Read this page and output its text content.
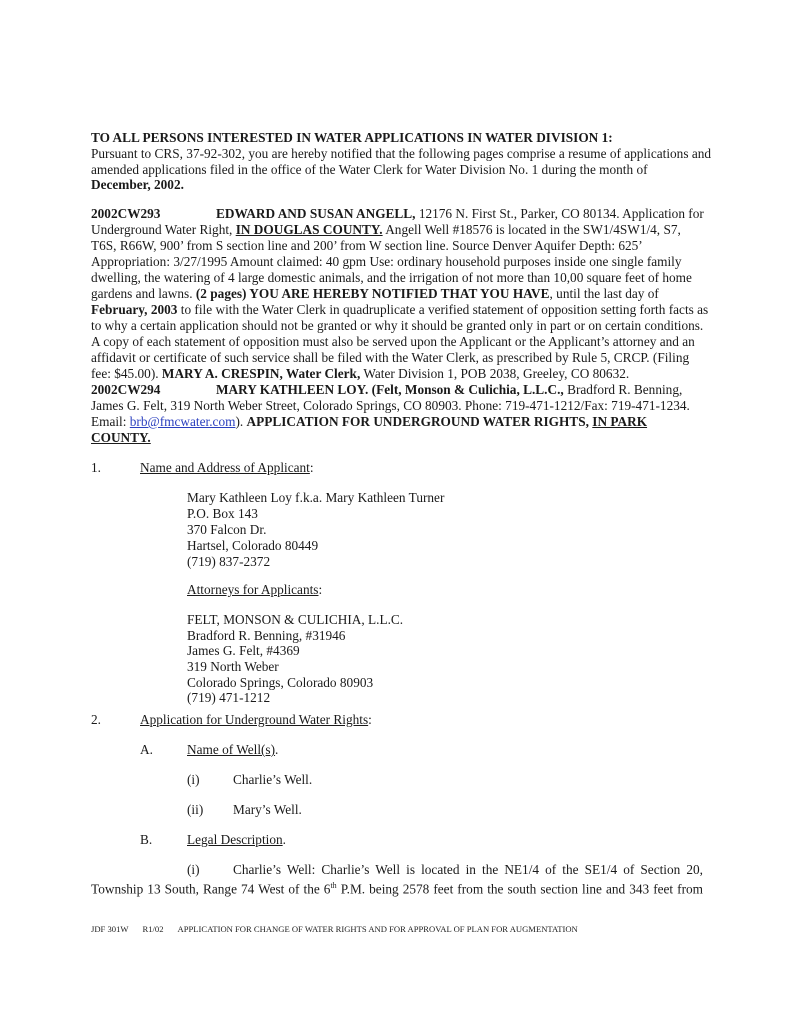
TO ALL PERSONS INTERESTED IN WATER APPLICATIONS IN WATER DIVISION 1:
Pursuant to CRS, 37-92-302, you are hereby notified that the following pages comprise a resume of applications and
amended applications filed in the office of the Water Clerk for Water Division No. 1 during the month of
December, 2002.
2002CW293	EDWARD AND SUSAN ANGELL, 12176 N. First St., Parker, CO 80134. Application for
Underground Water Right, IN DOUGLAS COUNTY. Angell Well #18576 is located in the SW1/4SW1/4, S7,
T6S, R66W, 900’ from S section line and 200’ from W section line. Source Denver Aquifer Depth: 625’
Appropriation: 3/27/1995 Amount claimed: 40 gpm Use: ordinary household purposes inside one single family
dwelling, the watering of 4 large domestic animals, and the irrigation of not more than 10,00 square feet of home
gardens and lawns. (2 pages) YOU ARE HEREBY NOTIFIED THAT YOU HAVE, until the last day of
February, 2003 to file with the Water Clerk in quadruplicate a verified statement of opposition setting forth facts as
to why a certain application should not be granted or why it should be granted only in part or on certain conditions.
A copy of each statement of opposition must also be served upon the Applicant or the Applicant’s attorney and an
affidavit or certificate of such service shall be filed with the Water Clerk, as prescribed by Rule 5, CRCP. (Filing
fee: $45.00). MARY A. CRESPIN, Water Clerk, Water Division 1, POB 2038, Greeley, CO 80632.
2002CW294	MARY KATHLEEN LOY. (Felt, Monson & Culichia, L.L.C., Bradford R. Benning,
James G. Felt, 319 North Weber Street, Colorado Springs, CO 80903. Phone: 719-471-1212/Fax: 719-471-1234.
Email: brb@fmcwater.com). APPLICATION FOR UNDERGROUND WATER RIGHTS, IN PARK
COUNTY.
1.	Name and Address of Applicant:
Mary Kathleen Loy f.k.a. Mary Kathleen Turner
P.O. Box 143
370 Falcon Dr.
Hartsel, Colorado 80449
(719) 837-2372
Attorneys for Applicants:
FELT, MONSON & CULICHIA, L.L.C.
Bradford R. Benning, #31946
James G. Felt, #4369
319 North Weber
Colorado Springs, Colorado 80903
(719) 471-1212
2.	Application for Underground Water Rights:
A.	Name of Well(s).
(i)	Charlie’s Well.
(ii) Mary’s Well.
B.	Legal Description.
(i)	Charlie’s Well: Charlie’s Well is located in the NE1/4 of the SE1/4 of Section 20,
Township 13 South, Range 74 West of the 6th P.M. being 2578 feet from the south section line and 343 feet from
JDF 301W R1/02 APPLICATION FOR CHANGE OF WATER RIGHTS AND FOR APPROVAL OF PLAN FOR AUGMENTATION
